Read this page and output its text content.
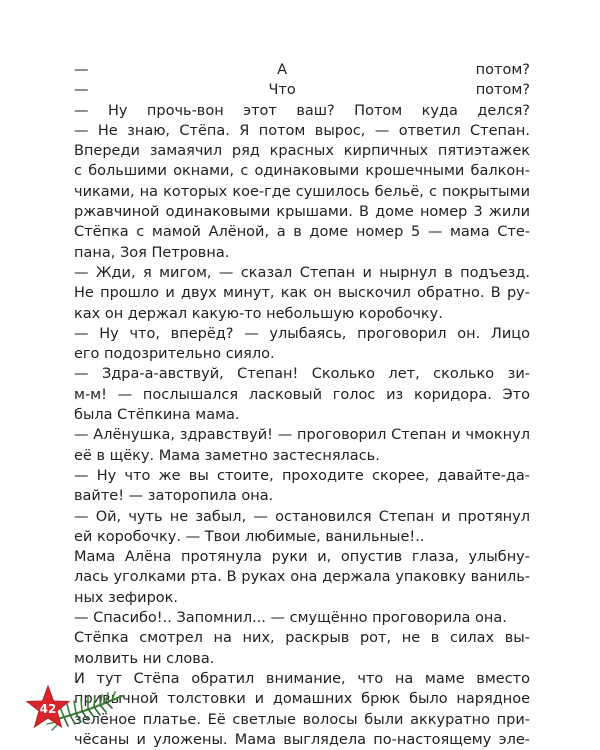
— А потом?
— Что потом?
— Ну прочь-вон этот ваш? Потом куда делся?
— Не знаю, Стёпа. Я потом вырос, — ответил Степан.
Впереди замаячил ряд красных кирпичных пятиэтажек
с большими окнами, с одинаковыми крошечными балкон-
чиками, на которых кое-где сушилось бельё, с покрытыми
ржавчиной одинаковыми крышами. В доме номер 3 жили
Стёпка с мамой Алёной, а в доме номер 5 — мама Сте-
пана, Зоя Петровна.
— Жди, я мигом, — сказал Степан и нырнул в подъезд.
Не прошло и двух минут, как он выскочил обратно. В ру-
ках он держал какую-то небольшую коробочку.
— Ну что, вперёд? — улыбаясь, проговорил он. Лицо
его подозрительно сияло.
— Здра-а-авствуй, Степан! Сколько лет, сколько зи-
м-м! — послышался ласковый голос из коридора. Это
была Стёпкина мама.
— Алёнушка, здравствуй! — проговорил Степан и чмокнул
её в щёку. Мама заметно застеснялась.
— Ну что же вы стоите, проходите скорее, давайте-да-
вайте! — заторопила она.
— Ой, чуть не забыл, — остановился Степан и протянул
ей коробочку. — Твои любимые, ванильные!..
Мама Алёна протянула руки и, опустив глаза, улыбну-
лась уголками рта. В руках она держала упаковку ваниль-
ных зефирок.
— Спасибо!.. Запомнил... — смущённо проговорила она.
Стёпка смотрел на них, раскрыв рот, не в силах вы-
молвить ни слова.
И тут Стёпа обратил внимание, что на маме вместо
привычной толстовки и домашних брюк было нарядное
зелёное платье. Её светлые волосы были аккуратно при-
чёсаны и уложены. Мама выглядела по-настоящему эле-
42
